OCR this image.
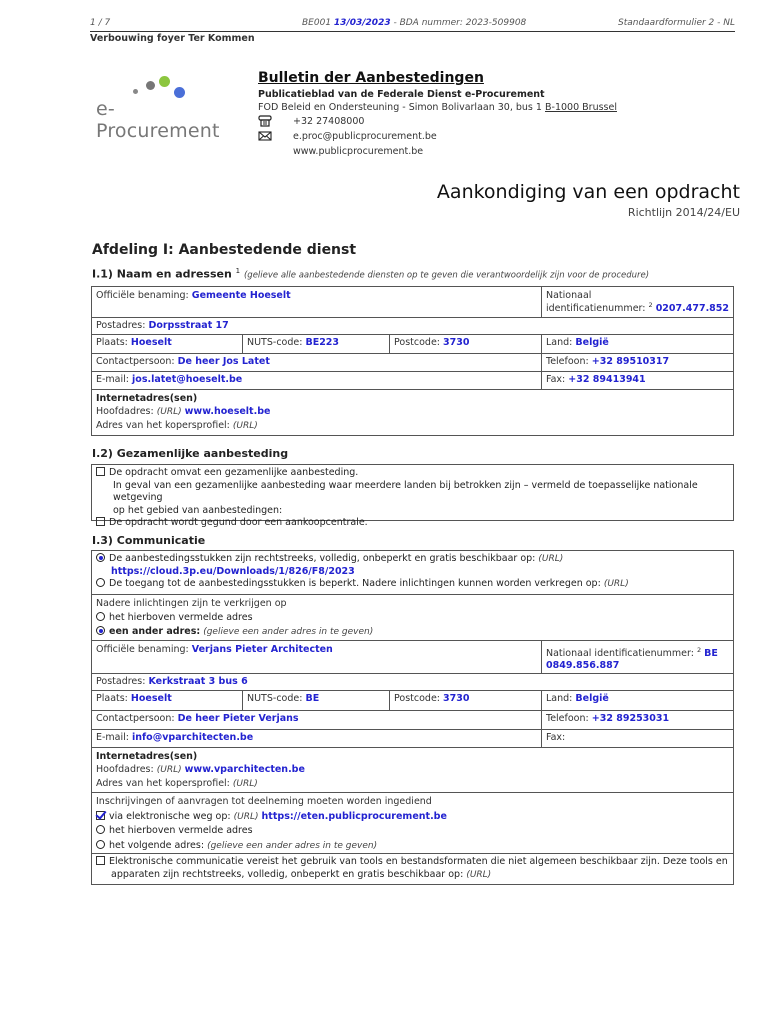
1 / 7	BE001 13/03/2023 - BDA nummer: 2023-509908	Standaardformulier 2 - NL
Verbouwing foyer Ter Kommen
e-Procurement
Bulletin der Aanbestedingen
Publicatieblad van de Federale Dienst e-Procurement
FOD Beleid en Ondersteuning - Simon Bolivarlaan 30, bus 1 B-1000 Brussel
+32 27408000
e.proc@publicprocurement.be
www.publicprocurement.be
Aankondiging van een opdracht
Richtlijn 2014/24/EU
Afdeling I: Aanbestedende dienst
I.1) Naam en adressen $^1$ (gelieve alle aanbestedende diensten op te geven die verantwoordelijk zijn voor de procedure)
Officiële benaming: Gemeente Hoeselt	Nationaal
identificatienummer: $^2$ 0207.477.852
Postadres: Dorpsstraat 17
Plaats: Hoeselt	NUTS-code: BE223	Postcode: 3730	Land: België
Contactpersoon: De heer Jos Latet	Telefoon: +32 89510317
E-mail: jos.latet@hoeselt.be	Fax: +32 89413941
Internetadres(sen)
Hoofdadres: (URL) www.hoeselt.be
Adres van het kopersprofiel: (URL)
I.2) Gezamenlijke aanbesteding
De opdracht omvat een gezamenlijke aanbesteding.
In geval van een gezamenlijke aanbesteding waar meerdere landen bij betrokken zijn – vermeld de toepasselijke nationale wetgeving
op het gebied van aanbestedingen:
De opdracht wordt gegund door een aankoopcentrale.
I.3) Communicatie
De aanbestedingsstukken zijn rechtstreeks, volledig, onbeperkt en gratis beschikbaar op: (URL)
https://cloud.3p.eu/Downloads/1/826/F8/2023
De toegang tot de aanbestedingsstukken is beperkt. Nadere inlichtingen kunnen worden verkregen op: (URL)
Nadere inlichtingen zijn te verkrijgen op
het hierboven vermelde adres
een ander adres: (gelieve een ander adres in te geven)
Officiële benaming: Verjans Pieter Architecten	Nationaal identificatienummer: $^2$ BE
0849.856.887
Postadres: Kerkstraat 3 bus 6
Plaats: Hoeselt	NUTS-code: BE	Postcode: 3730	Land: België
Contactpersoon: De heer Pieter Verjans	Telefoon: +32 89253031
E-mail: info@vparchitecten.be	Fax:
Internetadres(sen)
Hoofdadres: (URL) www.vparchitecten.be
Adres van het kopersprofiel: (URL)
Inschrijvingen of aanvragen tot deelneming moeten worden ingediend
via elektronische weg op: (URL) https://eten.publicprocurement.be
het hierboven vermelde adres
het volgende adres: (gelieve een ander adres in te geven)
Elektronische communicatie vereist het gebruik van tools en bestandsformaten die niet algemeen beschikbaar zijn. Deze tools en
apparaten zijn rechtstreeks, volledig, onbeperkt en gratis beschikbaar op: (URL)
